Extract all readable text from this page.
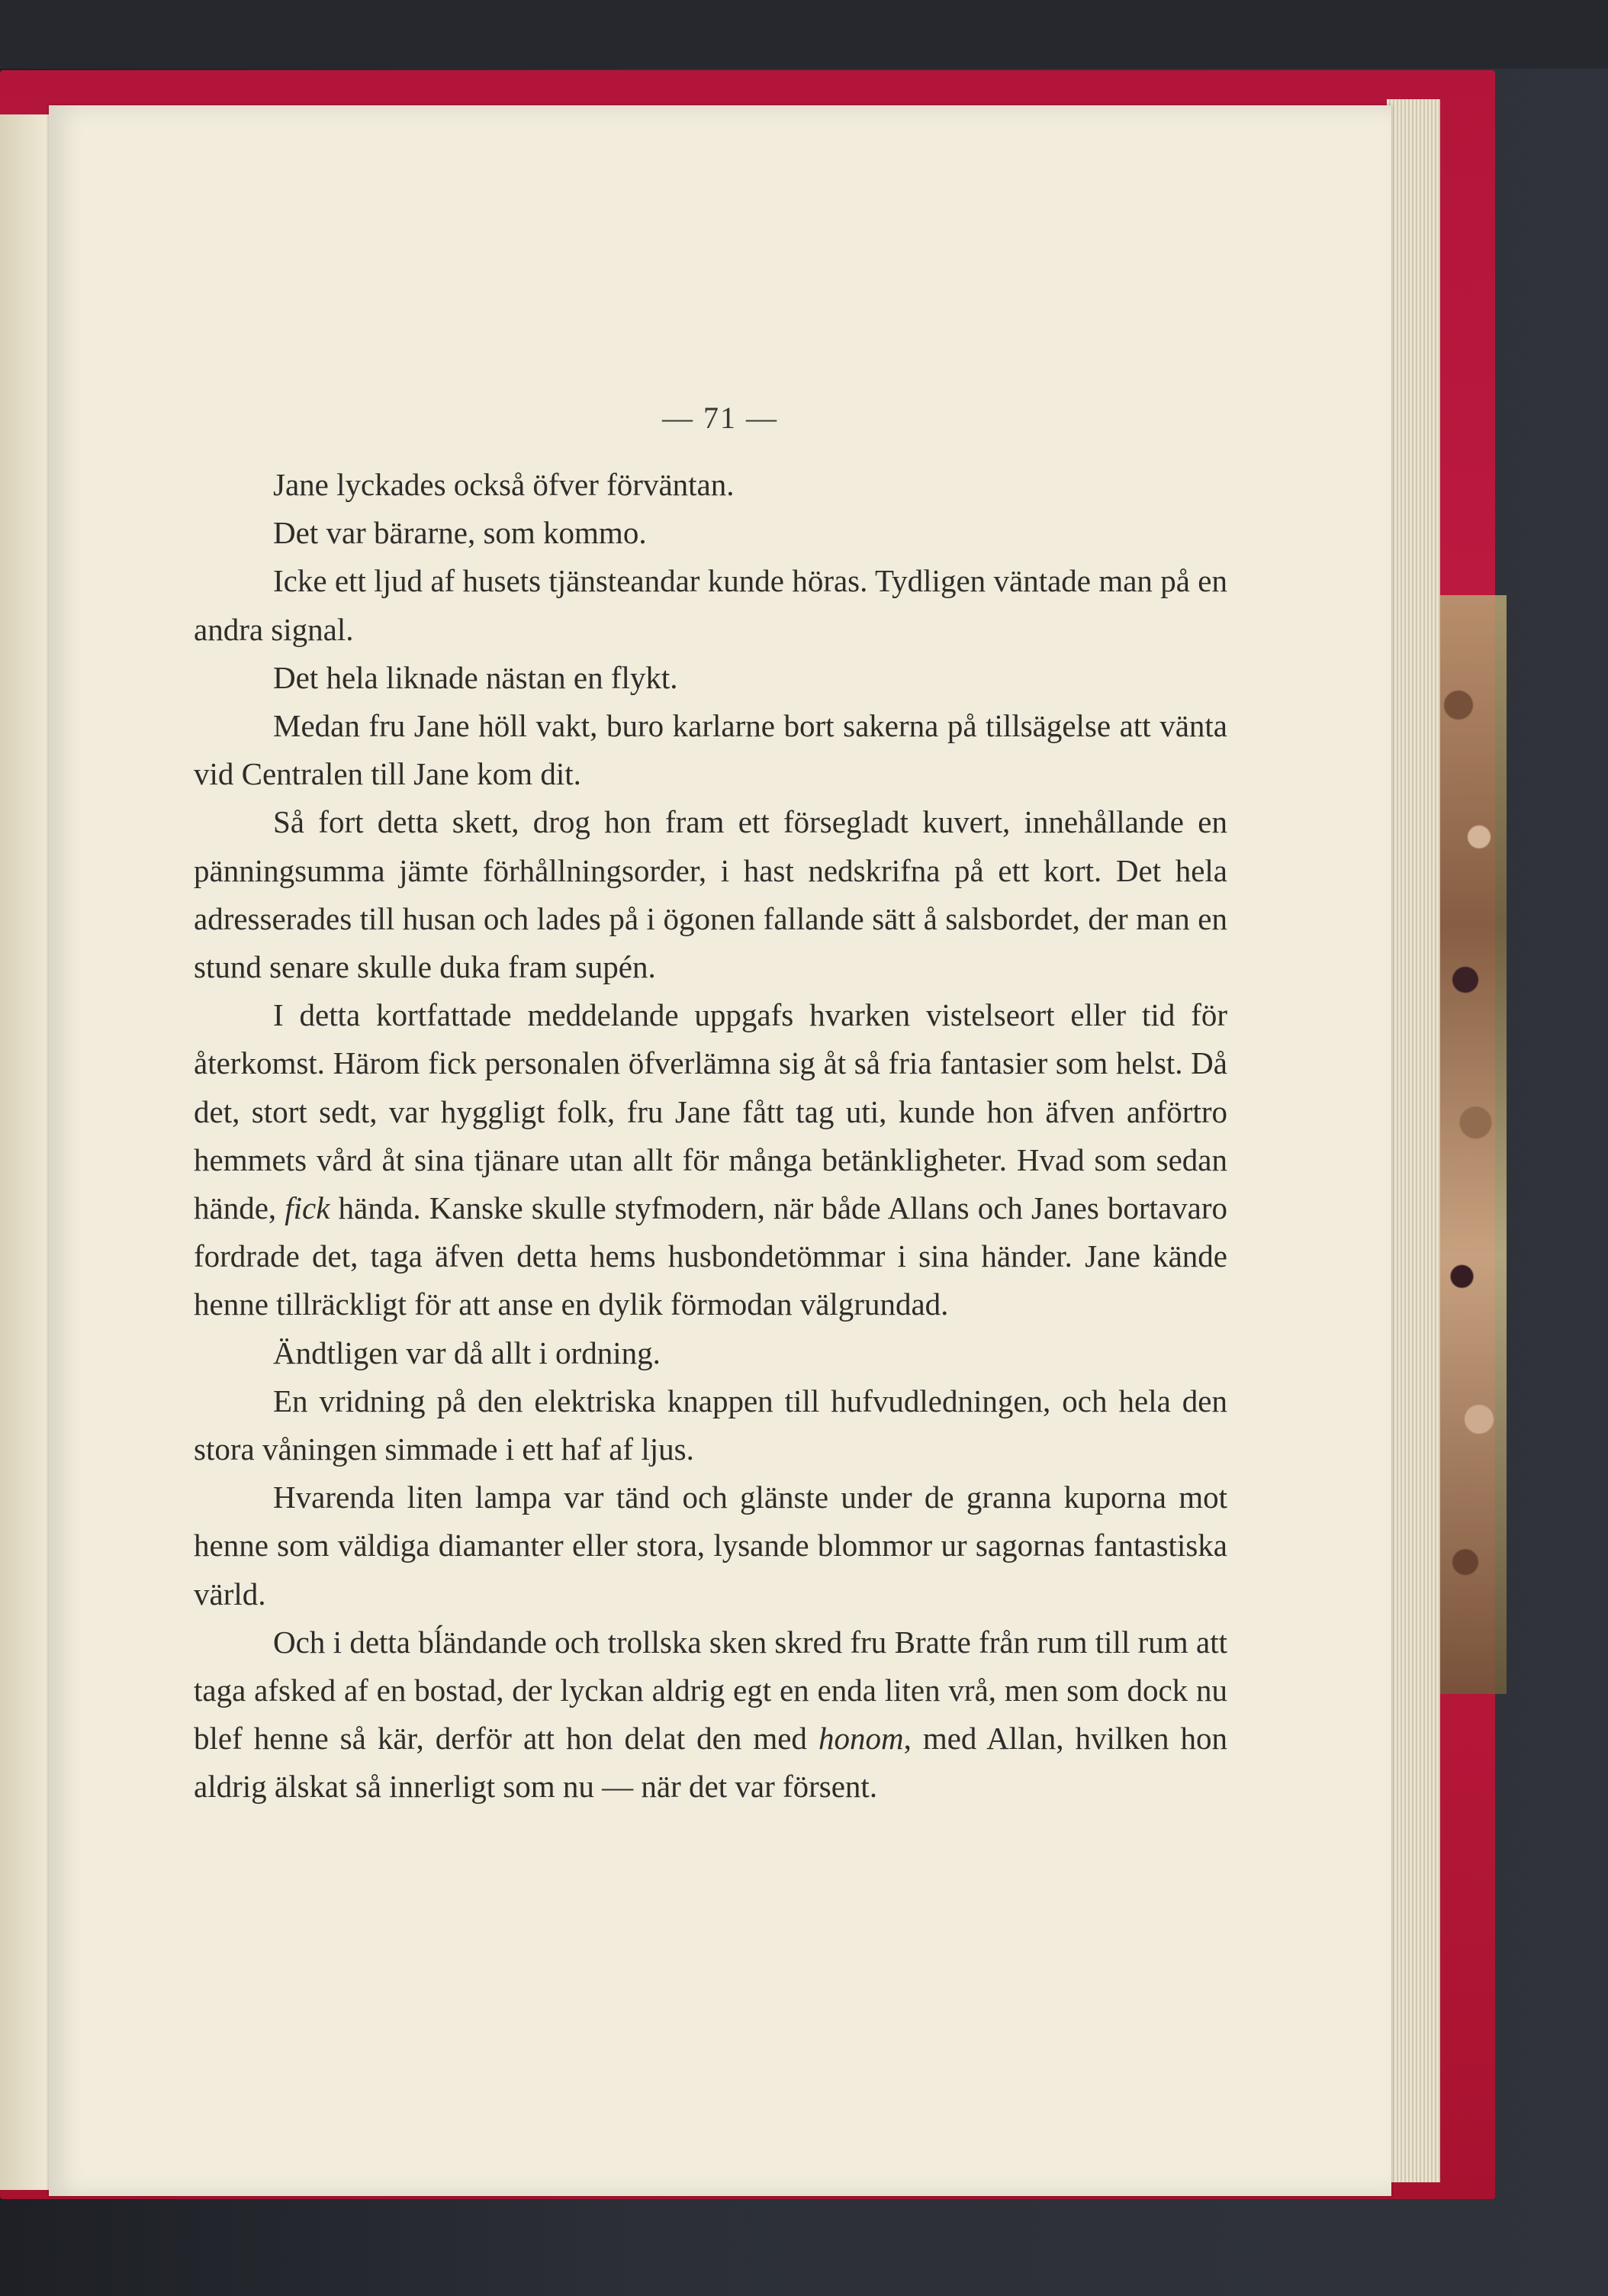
— 71 —

Jane lyckades också öfver förväntan.

Det var bärarne, som kommo.

Icke ett ljud af husets tjänsteandar kunde höras. Tydligen väntade man på en andra signal.

Det hela liknade nästan en flykt.

Medan fru Jane höll vakt, buro karlarne bort sakerna på tillsägelse att vänta vid Centralen till Jane kom dit.

Så fort detta skett, drog hon fram ett försegladt kuvert, innehållande en pänningsumma jämte förhållningsorder, i hast nedskrifna på ett kort. Det hela adresserades till husan och lades på i ögonen fallande sätt å salsbordet, der man en stund senare skulle duka fram supén.

I detta kortfattade meddelande uppgafs hvarken vistelseort eller tid för återkomst. Härom fick personalen öfverlämna sig åt så fria fantasier som helst. Då det, stort sedt, var hyggligt folk, fru Jane fått tag uti, kunde hon äfven anförtro hemmets vård åt sina tjänare utan allt för många betänkligheter. Hvad som sedan hände, fick hända. Kanske skulle styfmodern, när både Allans och Janes bortavaro fordrade det, taga äfven detta hems husbondetömmar i sina händer. Jane kände henne tillräckligt för att anse en dylik förmodan välgrundad.

Ändtligen var då allt i ordning.

En vridning på den elektriska knappen till hufvudledningen, och hela den stora våningen simmade i ett haf af ljus.

Hvarenda liten lampa var tänd och glänste under de granna kuporna mot henne som väldiga diamanter eller stora, lysande blommor ur sagornas fantastiska värld.

Och i detta bĺändande och trollska sken skred fru Bratte från rum till rum att taga afsked af en bostad, der lyckan aldrig egt en enda liten vrå, men som dock nu blef henne så kär, derför att hon delat den med honom, med Allan, hvilken hon aldrig älskat så innerligt som nu — när det var försent.
